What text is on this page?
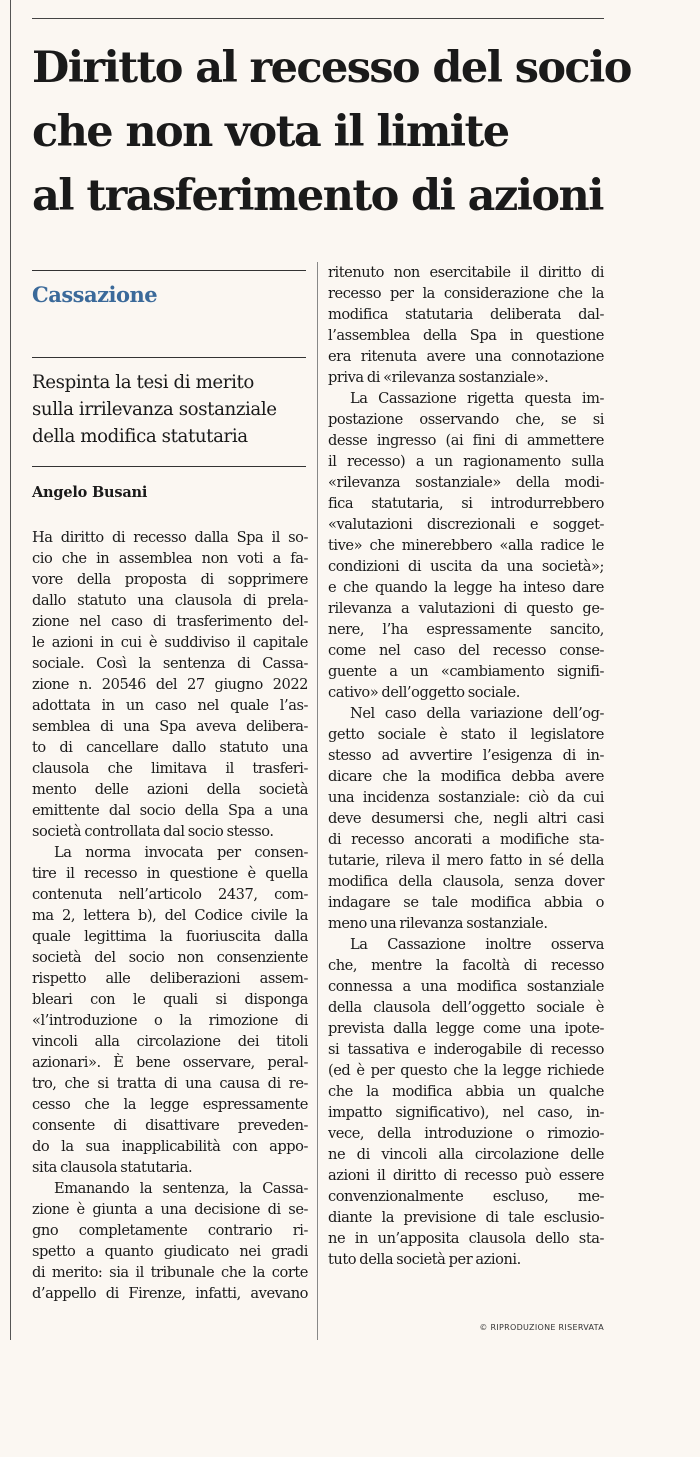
Diritto al recesso del socio
che non vota il limite
al trasferimento di azioni
Cassazione
Respinta la tesi di merito
sulla irrilevanza sostanziale
della modifica statutaria
Angelo Busani
Ha diritto di recesso dalla Spa il so-
cio che in assemblea non voti a fa-
vore della proposta di sopprimere
dallo statuto una clausola di prela-
zione nel caso di trasferimento del-
le azioni in cui è suddiviso il capitale
sociale. Così la sentenza di Cassa-
zione n. 20546 del 27 giugno 2022
adottata in un caso nel quale l’as-
semblea di una Spa aveva delibera-
to di cancellare dallo statuto una
clausola che limitava il trasferi-
mento delle azioni della società
emittente dal socio della Spa a una
società controllata dal socio stesso.
La norma invocata per consen-
tire il recesso in questione è quella
contenuta nell’articolo 2437, com-
ma 2, lettera b), del Codice civile la
quale legittima la fuoriuscita dalla
società del socio non consenziente
rispetto alle deliberazioni assem-
bleari con le quali si disponga
«l’introduzione o la rimozione di
vincoli alla circolazione dei titoli
azionari». È bene osservare, peral-
tro, che si tratta di una causa di re-
cesso che la legge espressamente
consente di disattivare preveden-
do la sua inapplicabilità con appo-
sita clausola statutaria.
Emanando la sentenza, la Cassa-
zione è giunta a una decisione di se-
gno completamente contrario ri-
spetto a quanto giudicato nei gradi
di merito: sia il tribunale che la corte
d’appello di Firenze, infatti, avevano
ritenuto non esercitabile il diritto di
recesso per la considerazione che la
modifica statutaria deliberata dal-
l’assemblea della Spa in questione
era ritenuta avere una connotazione
priva di «rilevanza sostanziale».
La Cassazione rigetta questa im-
postazione osservando che, se si
desse ingresso (ai fini di ammettere
il recesso) a un ragionamento sulla
«rilevanza sostanziale» della modi-
fica statutaria, si introdurrebbero
«valutazioni discrezionali e sogget-
tive» che minerebbero «alla radice le
condizioni di uscita da una società»;
e che quando la legge ha inteso dare
rilevanza a valutazioni di questo ge-
nere, l’ha espressamente sancito,
come nel caso del recesso conse-
guente a un «cambiamento signifi-
cativo» dell’oggetto sociale.
Nel caso della variazione dell’og-
getto sociale è stato il legislatore
stesso ad avvertire l’esigenza di in-
dicare che la modifica debba avere
una incidenza sostanziale: ciò da cui
deve desumersi che, negli altri casi
di recesso ancorati a modifiche sta-
tutarie, rileva il mero fatto in sé della
modifica della clausola, senza dover
indagare se tale modifica abbia o
meno una rilevanza sostanziale.
La Cassazione inoltre osserva
che, mentre la facoltà di recesso
connessa a una modifica sostanziale
della clausola dell’oggetto sociale è
prevista dalla legge come una ipote-
si tassativa e inderogabile di recesso
(ed è per questo che la legge richiede
che la modifica abbia un qualche
impatto significativo), nel caso, in-
vece, della introduzione o rimozio-
ne di vincoli alla circolazione delle
azioni il diritto di recesso può essere
convenzionalmente escluso, me-
diante la previsione di tale esclusio-
ne in un’apposita clausola dello sta-
tuto della società per azioni.
© RIPRODUZIONE RISERVATA
